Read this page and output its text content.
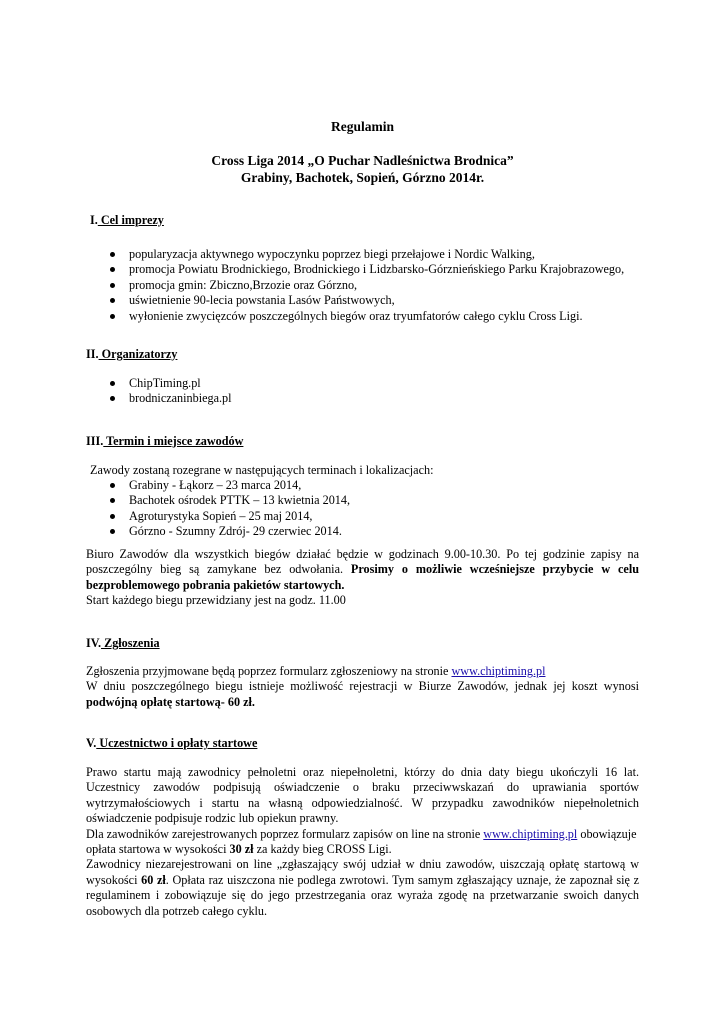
Regulamin
Cross Liga 2014 „O Puchar Nadleśnictwa Brodnica”
Grabiny, Bachotek, Sopień, Górzno 2014r.
I. Cel imprezy
popularyzacja aktywnego wypoczynku poprzez biegi przełajowe i Nordic Walking,
promocja Powiatu Brodnickiego, Brodnickiego i Lidzbarsko-Górznieńskiego Parku Krajobrazowego,
promocja gmin: Zbiczno,Brzozie oraz Górzno,
uświetnienie 90-lecia powstania Lasów Państwowych,
wyłonienie zwycięzców poszczególnych biegów oraz tryumfatorów całego cyklu Cross Ligi.
II. Organizatorzy
ChipTiming.pl
brodniczaninbiega.pl
III. Termin i miejsce zawodów
Zawody zostaną rozegrane w następujących terminach i lokalizacjach:
Grabiny - Łąkorz – 23 marca 2014,
Bachotek ośrodek PTTK – 13 kwietnia 2014,
Agroturystyka Sopień – 25 maj 2014,
Górzno - Szumny Zdrój- 29 czerwiec 2014.
Biuro Zawodów dla wszystkich biegów działać będzie w godzinach 9.00-10.30. Po tej godzinie zapisy na
poszczególny bieg są zamykane bez odwołania. Prosimy o możliwie wcześniejsze przybycie w celu
bezproblemowego pobrania pakietów startowych.
Start każdego biegu przewidziany jest na godz. 11.00
IV. Zgłoszenia
Zgłoszenia przyjmowane będą poprzez formularz zgłoszeniowy na stronie www.chiptiming.pl
W dniu poszczególnego biegu istnieje możliwość rejestracji w Biurze Zawodów, jednak jej koszt wynosi
podwójną opłatę startową- 60 zł.
V. Uczestnictwo i opłaty startowe
Prawo startu mają zawodnicy pełnoletni oraz niepełnoletni, którzy do dnia daty biegu ukończyli 16 lat.
Uczestnicy zawodów podpisują oświadczenie o braku przeciwwskazań do uprawiania sportów
wytrzymałościowych i startu na własną odpowiedzialność. W przypadku zawodników niepełnoletnich
oświadczenie podpisuje rodzic lub opiekun prawny.
Dla zawodników zarejestrowanych poprzez formularz zapisów on line na stronie www.chiptiming.pl obowiązuje
opłata startowa w wysokości 30 zł za każdy bieg CROSS Ligi.
Zawodnicy niezarejestrowani on line „zgłaszający swój udział w dniu zawodów, uiszczają opłatę startową w
wysokości 60 zł. Opłata raz uiszczona nie podlega zwrotowi. Tym samym zgłaszający uznaje, że zapoznał się z
regulaminem i zobowiązuje się do jego przestrzegania oraz wyraża zgodę na przetwarzanie swoich danych
osobowych dla potrzeb całego cyklu.
